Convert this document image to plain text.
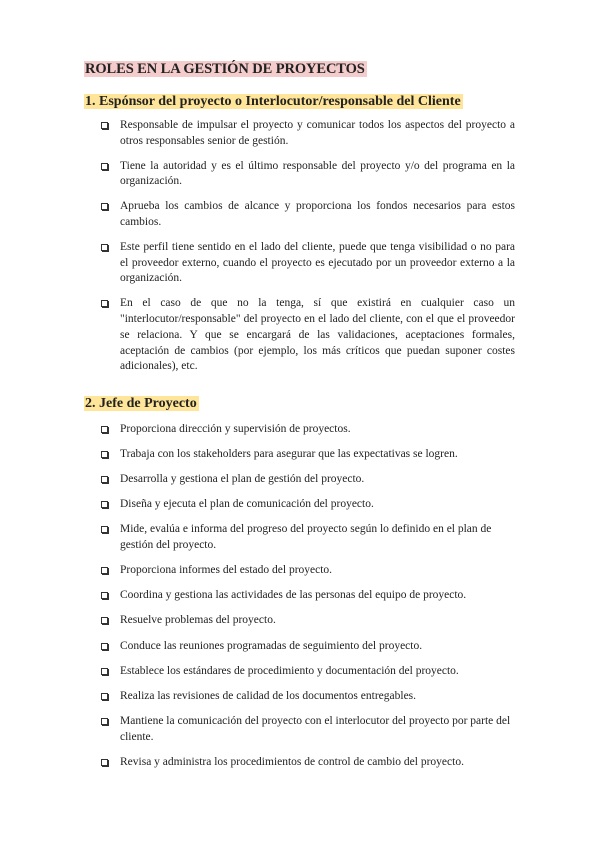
ROLES EN LA GESTIÓN DE PROYECTOS
1. Espónsor del proyecto o Interlocutor/responsable del Cliente
Responsable de impulsar el proyecto y comunicar todos los aspectos del proyecto a otros responsables senior de gestión.
Tiene la autoridad y es el último responsable del proyecto y/o del programa en la organización.
Aprueba los cambios de alcance y proporciona los fondos necesarios para estos cambios.
Este perfil tiene sentido en el lado del cliente, puede que tenga visibilidad o no para el proveedor externo, cuando el proyecto es ejecutado por un proveedor externo a la organización.
En el caso de que no la tenga, sí que existirá en cualquier caso un "interlocutor/responsable" del proyecto en el lado del cliente, con el que el proveedor se relaciona. Y que se encargará de las validaciones, aceptaciones formales, aceptación de cambios (por ejemplo, los más críticos que puedan suponer costes adicionales), etc.
2. Jefe de Proyecto
Proporciona dirección y supervisión de proyectos.
Trabaja con los stakeholders para asegurar que las expectativas se logren.
Desarrolla y gestiona el plan de gestión del proyecto.
Diseña y ejecuta el plan de comunicación del proyecto.
Mide, evalúa e informa del progreso del proyecto según lo definido en el plan de gestión del proyecto.
Proporciona informes del estado del proyecto.
Coordina y gestiona las actividades de las personas del equipo de proyecto.
Resuelve problemas del proyecto.
Conduce las reuniones programadas de seguimiento del proyecto.
Establece los estándares de procedimiento y documentación del proyecto.
Realiza las revisiones de calidad de los documentos entregables.
Mantiene la comunicación del proyecto con el interlocutor del proyecto por parte del cliente.
Revisa y administra los procedimientos de control de cambio del proyecto.
